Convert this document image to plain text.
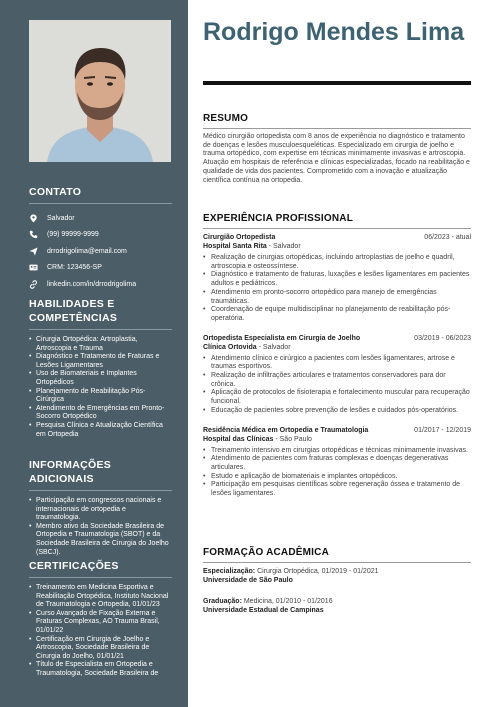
CONTATO
Salvador
(99) 99999-9999
drrodrigolima@email.com
CRM: 123456-SP
linkedin.com/in/drrodrigolima
HABILIDADES E COMPETÊNCIAS
• Cirurgia Ortopédica: Artroplastia, Artroscopia e Trauma
• Diagnóstico e Tratamento de Fraturas e Lesões Ligamentares
• Uso de Biomateriais e Implantes Ortopédicos
• Planejamento de Reabilitação Pós-Cirúrgica
• Atendimento de Emergências em Pronto-Socorro Ortopédico
• Pesquisa Clínica e Atualização Científica em Ortopedia
INFORMAÇÕES ADICIONAIS
• Participação em congressos nacionais e internacionais de ortopedia e traumatologia.
• Membro ativo da Sociedade Brasileira de Ortopedia e Traumatologia (SBOT) e da Sociedade Brasileira de Cirurgia do Joelho (SBCJ).
CERTIFICAÇÕES
• Treinamento em Medicina Esportiva e Reabilitação Ortopédica, Instituto Nacional de Traumatologia e Ortopedia, 01/01/23
• Curso Avançado de Fixação Externa e Fraturas Complexas, AO Trauma Brasil, 01/01/22
• Certificação em Cirurgia de Joelho e Artroscopia, Sociedade Brasileira de Cirurgia do Joelho, 01/01/21
• Título de Especialista em Ortopedia e Traumatologia, Sociedade Brasileira de
Rodrigo Mendes Lima
RESUMO
Médico cirurgião ortopedista com 8 anos de experiência no diagnóstico e tratamento de doenças e lesões musculoesqueléticas. Especializado em cirurgia de joelho e trauma ortopédico, com expertise em técnicas minimamente invasivas e artroscopia. Atuação em hospitais de referência e clínicas especializadas, focado na reabilitação e qualidade de vida dos pacientes. Comprometido com a inovação e atualização científica contínua na ortopedia.
EXPERIÊNCIA PROFISSIONAL
Cirurgião Ortopedista	06/2023 - atual
Hospital Santa Rita - Salvador
• Realização de cirurgias ortopédicas, incluindo artroplastias de joelho e quadril, artroscopia e osteossíntese.
• Diagnóstico e tratamento de fraturas, luxações e lesões ligamentares em pacientes adultos e pediátricos.
• Atendimento em pronto-socorro ortopédico para manejo de emergências traumáticas.
• Coordenação de equipe multidisciplinar no planejamento de reabilitação pós-operatória.
Ortopedista Especialista em Cirurgia de Joelho	03/2019 - 06/2023
Clínica Ortovida - Salvador
• Atendimento clínico e cirúrgico a pacientes com lesões ligamentares, artrose e traumas esportivos.
• Realização de infiltrações articulares e tratamentos conservadores para dor crônica.
• Aplicação de protocolos de fisioterapia e fortalecimento muscular para recuperação funcional.
• Educação de pacientes sobre prevenção de lesões e cuidados pós-operatórios.
Residência Médica em Ortopedia e Traumatologia	01/2017 - 12/2019
Hospital das Clínicas - São Paulo
• Treinamento intensivo em cirurgias ortopédicas e técnicas minimamente invasivas.
• Atendimento de pacientes com fraturas complexas e doenças degenerativas articulares.
• Estudo e aplicação de biomateriais e implantes ortopédicos.
• Participação em pesquisas científicas sobre regeneração óssea e tratamento de lesões ligamentares.
FORMAÇÃO ACADÊMICA
Especialização: Cirurgia Ortopédica, 01/2019 - 01/2021
Universidade de São Paulo
Graduação: Medicina, 01/2010 - 01/2016
Universidade Estadual de Campinas
